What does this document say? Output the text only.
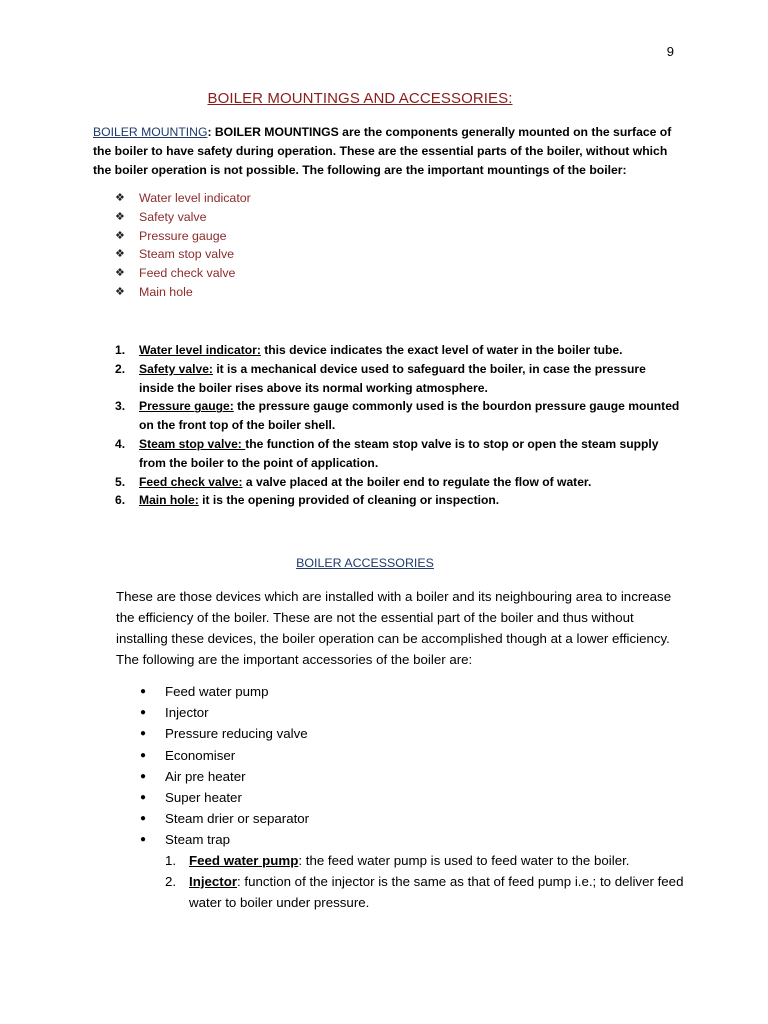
9
BOILER MOUNTINGS AND ACCESSORIES:
BOILER MOUNTING: BOILER MOUNTINGS are the components generally mounted on the surface of the boiler to have safety during operation. These are the essential parts of the boiler, without which the boiler operation is not possible. The following are the important mountings of the boiler:
❖	Water level indicator
❖	Safety valve
❖	Pressure gauge
❖	Steam stop valve
❖	Feed check valve
❖	Main hole
1.	Water level indicator: this device indicates the exact level of water in the boiler tube.
2.	Safety valve: it is a mechanical device used to safeguard the boiler, in case the pressure inside the boiler rises above its normal working atmosphere.
3.	Pressure gauge: the pressure gauge commonly used is the bourdon pressure gauge mounted on the front top of the boiler shell.
4.	Steam stop valve: the function of the steam stop valve is to stop or open the steam supply from the boiler to the point of application.
5.	Feed check valve: a valve placed at the boiler end to regulate the flow of water.
6.	Main hole: it is the opening provided of cleaning or inspection.
BOILER ACCESSORIES
These are those devices which are installed with a boiler and its neighbouring area to increase the efficiency of the boiler. These are not the essential part of the boiler and thus without installing these devices, the boiler operation can be accomplished though at a lower efficiency. The following are the important accessories of the boiler are:
●	Feed water pump
●	Injector
●	Pressure reducing valve
●	Economiser
●	Air pre heater
●	Super heater
●	Steam drier or separator
●	Steam trap
1. Feed water pump: the feed water pump is used to feed water to the boiler.
2. Injector: function of the injector is the same as that of feed pump i.e.; to deliver feed water to boiler under pressure.
